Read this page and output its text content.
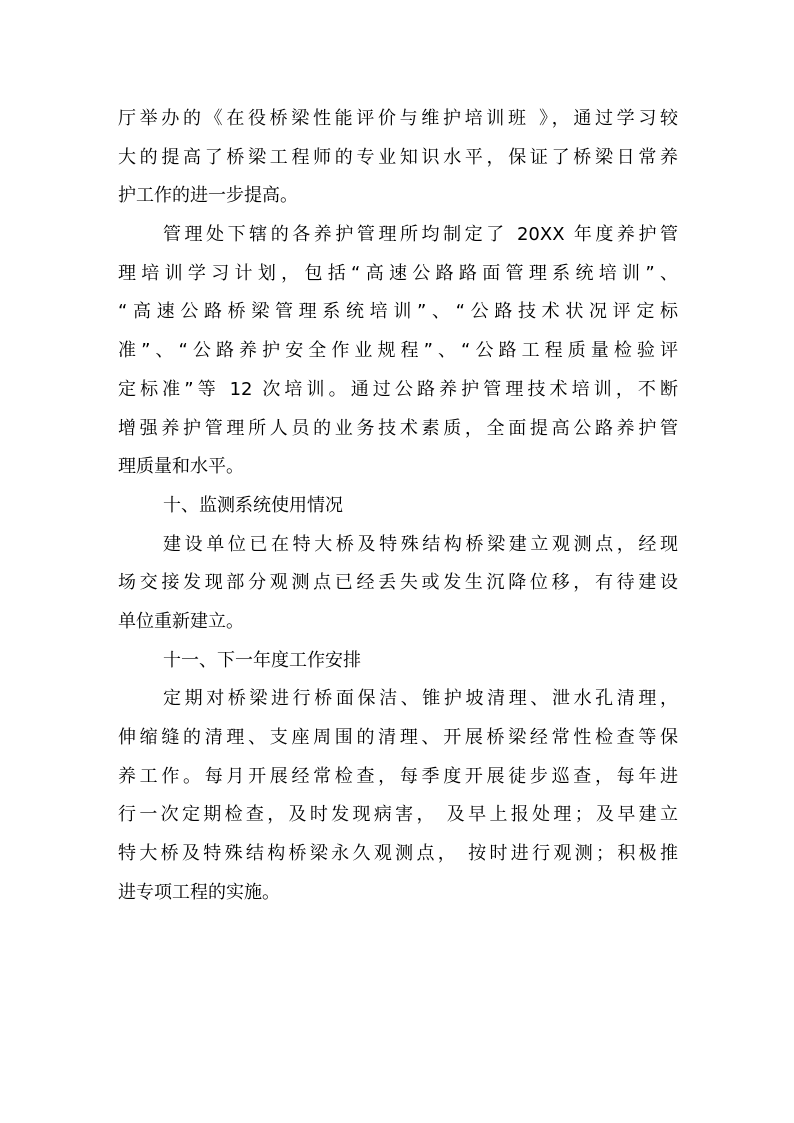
厅举办的《在役桥梁性能评价与维护培训班 》，通过学习较
大的提高了桥梁工程师的专业知识水平，保证了桥梁日常养
护工作的进一步提高。
管理处下辖的各养护管理所均制定了 20XX 年度养护管
理培训学习计划，包括“高速公路路面管理系统培训”、
“高速公路桥梁管理系统培训”、“公路技术状况评定标
准”、“公路养护安全作业规程”、“公路工程质量检验评
定标准”等 12 次培训。通过公路养护管理技术培训，不断
增强养护管理所人员的业务技术素质，全面提高公路养护管
理质量和水平。
十、监测系统使用情况
建设单位已在特大桥及特殊结构桥梁建立观测点，经现
场交接发现部分观测点已经丢失或发生沉降位移，有待建设
单位重新建立。
十一、下一年度工作安排
定期对桥梁进行桥面保洁、锥护坡清理、泄水孔清理，
伸缩缝的清理、支座周围的清理、开展桥梁经常性检查等保
养工作。每月开展经常检查，每季度开展徒步巡查，每年进
行一次定期检查，及时发现病害， 及早上报处理；及早建立
特大桥及特殊结构桥梁永久观测点， 按时进行观测；积极推
进专项工程的实施。
